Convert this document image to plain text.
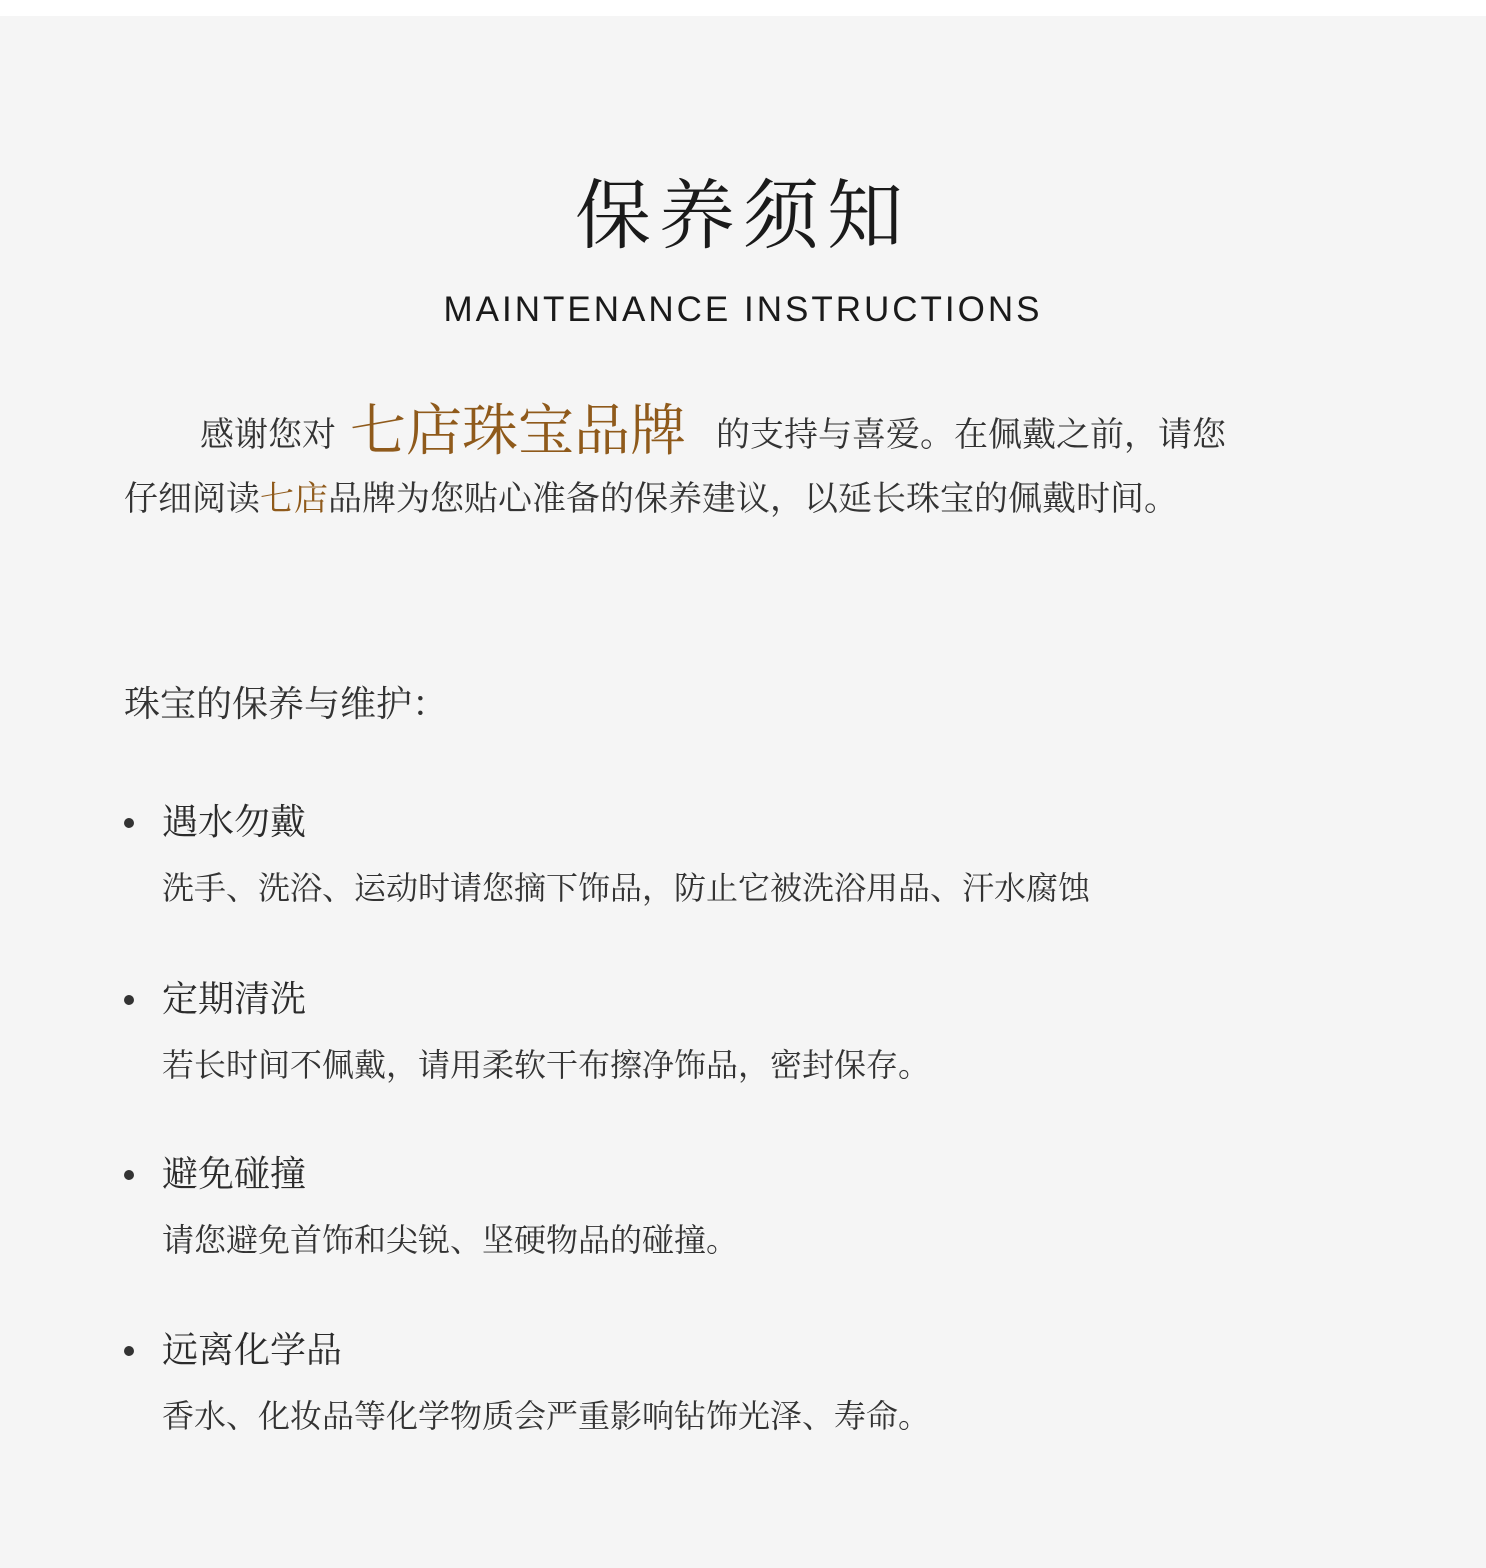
保养须知
MAINTENANCE INSTRUCTIONS
感谢您对 七店珠宝品牌 的支持与喜爱。在佩戴之前，请您
仔细阅读七店品牌为您贴心准备的保养建议，以延长珠宝的佩戴时间。
珠宝的保养与维护：
遇水勿戴
洗手、洗浴、运动时请您摘下饰品，防止它被洗浴用品、汗水腐蚀
定期清洗
若长时间不佩戴，请用柔软干布擦净饰品，密封保存。
避免碰撞
请您避免首饰和尖锐、坚硬物品的碰撞。
远离化学品
香水、化妆品等化学物质会严重影响钻饰光泽、寿命。
